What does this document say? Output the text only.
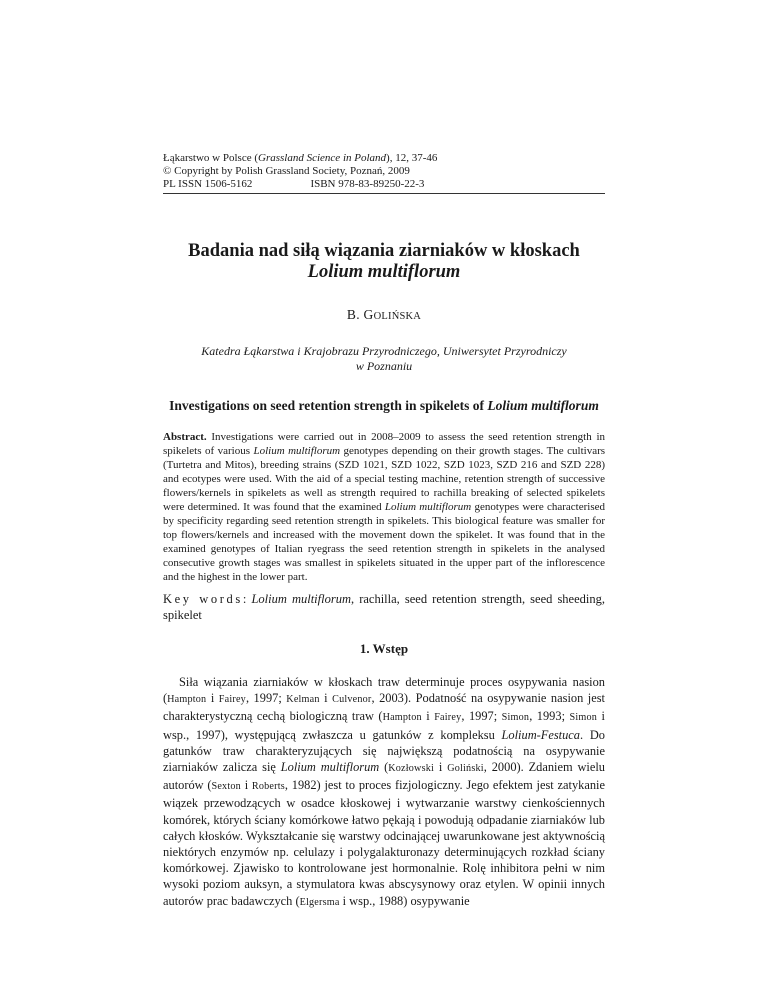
Łąkarstwo w Polsce (Grassland Science in Poland), 12, 37-46
© Copyright by Polish Grassland Society, Poznań, 2009
PL ISSN 1506-5162	ISBN 978-83-89250-22-3
Badania nad siłą wiązania ziarniaków w kłoskach Lolium multiflorum
B. GOLIŃSKA
Katedra Łąkarstwa i Krajobrazu Przyrodniczego, Uniwersytet Przyrodniczy
w Poznaniu
Investigations on seed retention strength in spikelets of Lolium multiflorum
Abstract. Investigations were carried out in 2008–2009 to assess the seed retention strength in spikelets of various Lolium multiflorum genotypes depending on their growth stages. The cultivars (Turtetra and Mitos), breeding strains (SZD 1021, SZD 1022, SZD 1023, SZD 216 and SZD 228) and ecotypes were used. With the aid of a special testing machine, retention strength of successive flowers/kernels in spikelets as well as strength required to rachilla breaking of selected spikelets were determined. It was found that the examined Lolium multiflorum genotypes were characterised by specificity regarding seed retention strength in spikelets. This biological feature was smaller for top flowers/kernels and increased with the movement down the spikelet. It was found that in the examined genotypes of Italian ryegrass the seed retention strength in spikelets in the analysed consecutive growth stages was smallest in spikelets situated in the upper part of the inflorescence and the highest in the lower part.
Key words: Lolium multiflorum, rachilla, seed retention strength, seed sheeding, spikelet
1. Wstęp
Siła wiązania ziarniaków w kłoskach traw determinuje proces osypywania nasion (Hampton i Fairey, 1997; Kelman i Culvenor, 2003). Podatność na osypywanie nasion jest charakterystyczną cechą biologiczną traw (Hampton i Fairey, 1997; Simon, 1993; Simon i wsp., 1997), występującą zwłaszcza u gatunków z kompleksu Lolium-Festuca. Do gatunków traw charakteryzujących się największą podatnością na osypywanie ziarniaków zalicza się Lolium multiflorum (Kozłowski i Goliński, 2000). Zdaniem wielu autorów (Sexton i Roberts, 1982) jest to proces fizjologiczny. Jego efektem jest zatykanie wiązek przewodzących w osadce kłoskowej i wytwarzanie warstwy cienkościennych komórek, których ściany komórkowe łatwo pękają i powodują odpadanie ziarniaków lub całych kłosków. Wykształcanie się warstwy odcinającej uwarunkowane jest aktywnością niektórych enzymów np. celulazy i polygalakturonazy determinujących rozkład ściany komórkowej. Zjawisko to kontrolowane jest hormonalnie. Rolę inhibitora pełni w nim wysoki poziom auksyn, a stymulatora kwas abscysynowy oraz etylen. W opinii innych autorów prac badawczych (Elgersma i wsp., 1988) osypywanie
